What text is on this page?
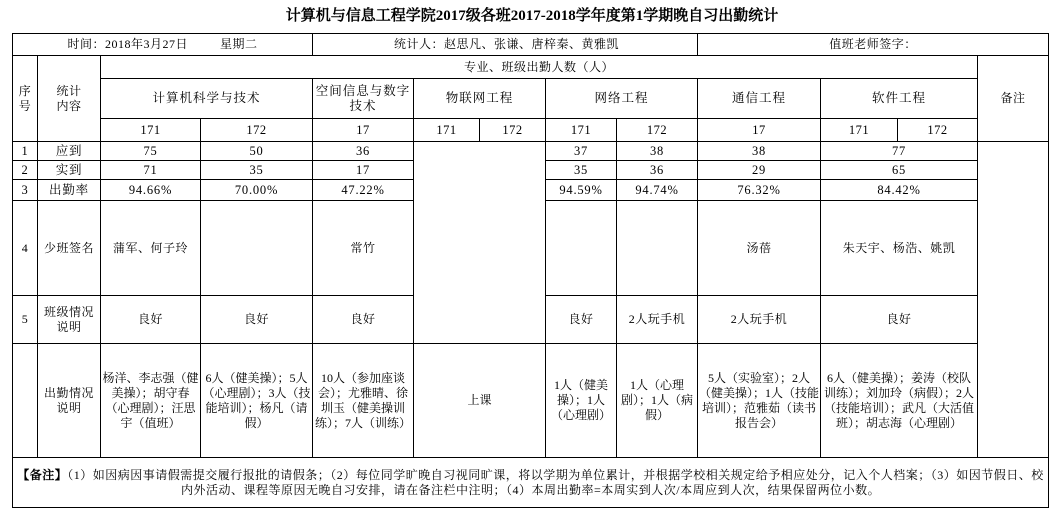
计算机与信息工程学院2017级各班2017-2018学年度第1学期晚自习出勤统计
时间：2018年3月27日 星期二				统计人：赵思凡、张谦、唐梓秦、黄雅凯					值班老师签字：			
序号	统计内容	专业、班级出勤人数（人）										备注
		计算机科学与技术		空间信息与数字技术	物联网工程		网络工程		通信工程	软件工程		
		171	172	17	171	172	171	172	17	171	172	
1	应到	75	50	36			37	38	38	77		
2	实到	71	35	17			35	36	29	65		
3	出勤率	94.66%	70.00%	47.22%			94.59%	94.74%	76.32%	84.42%		
4	少班签名	蒲军、何子玲		常竹					汤蓓	朱天宇、杨浩、姚凯		
5	班级情况说明	良好	良好	良好			良好	2人玩手机	2人玩手机	良好		
	出勤情况说明	杨洋、李志强（健美操）；胡守春（心理剧）；汪思宇（值班）	6人（健美操）；5人（心理剧）；3人（技能培训）；杨凡（请假）	10人（参加座谈会）；尤雅晴、徐圳玉（健美操训练）；7人（训练）	上课		1人（健美操）；1人（心理剧）	1人（心理剧）；1人（病假）	5人（实验室）；2人（健美操）；1人（技能培训）；范雅茹（读书报告会）	6人（健美操）；姜涛（校队训练）；刘加玲（病假）；2人（技能培训）；武凡（大活值班）；胡志海（心理剧）		
【备注】（1）如因病因事请假需提交履行报批的请假条；（2）每位同学旷晚自习视同旷课，将以学期为单位累计，并根据学校相关规定给予相应处分，记入个人档案；（3）如因节假日、校内外活动、课程等原因无晚自习安排，请在备注栏中注明；（4）本周出勤率=本周实到人次/本周应到人次，结果保留两位小数。												
